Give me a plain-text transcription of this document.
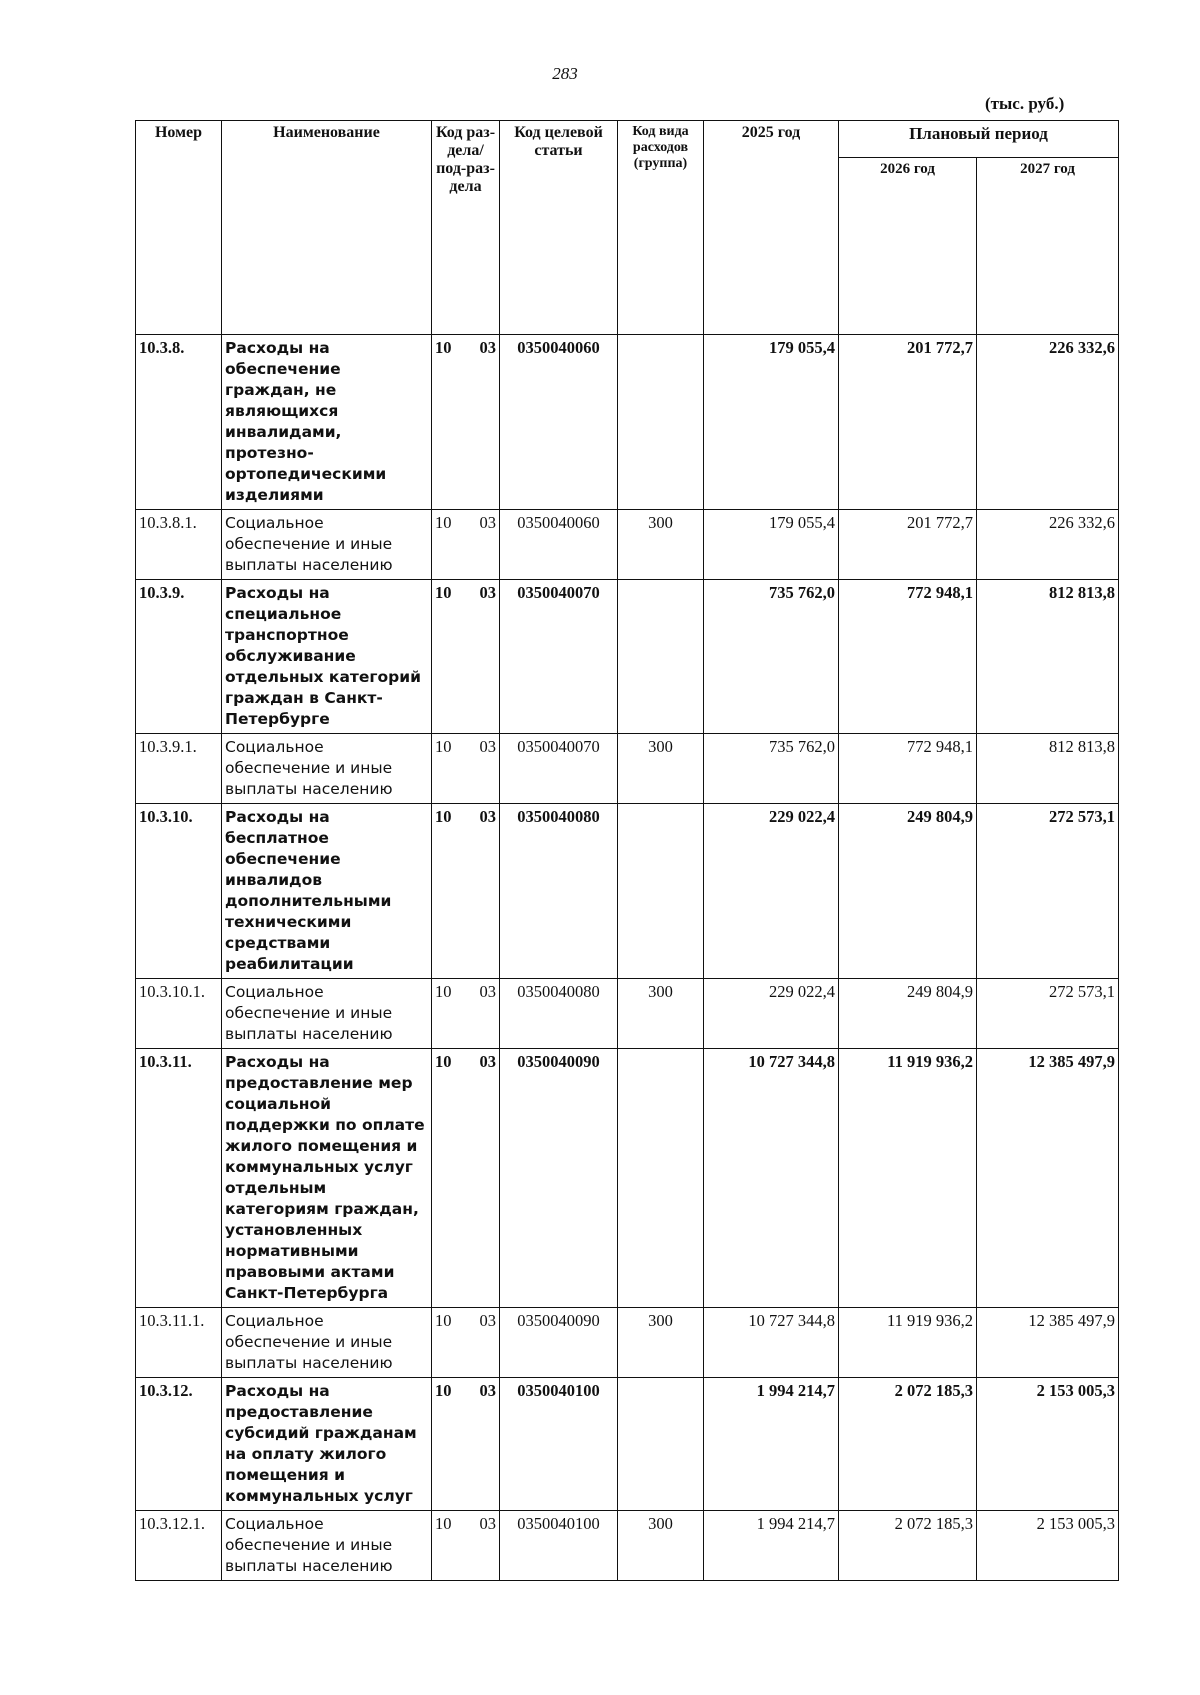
283
(тыс. руб.)
Номер	Наименование	Код раз-дела/ под-раз-дела	Код целевой статьи	Код вида расходов (группа)	2025 год	Плановый период	
						2026 год	2027 год
10.3.8.	Расходы на обеспечение граждан, не являющихся инвалидами, протезно-ортопедическими изделиями	10 03	0350040060		179 055,4	201 772,7	226 332,6
10.3.8.1.	Социальное обеспечение и иные выплаты населению	10 03	0350040060	300	179 055,4	201 772,7	226 332,6
10.3.9.	Расходы на специальное транспортное обслуживание отдельных категорий граждан в Санкт-Петербурге	10 03	0350040070		735 762,0	772 948,1	812 813,8
10.3.9.1.	Социальное обеспечение и иные выплаты населению	10 03	0350040070	300	735 762,0	772 948,1	812 813,8
10.3.10.	Расходы на бесплатное обеспечение инвалидов дополнительными техническими средствами реабилитации	10 03	0350040080		229 022,4	249 804,9	272 573,1
10.3.10.1.	Социальное обеспечение и иные выплаты населению	10 03	0350040080	300	229 022,4	249 804,9	272 573,1
10.3.11.	Расходы на предоставление мер социальной поддержки по оплате жилого помещения и коммунальных услуг отдельным категориям граждан, установленных нормативными правовыми актами Санкт-Петербурга	10 03	0350040090		10 727 344,8	11 919 936,2	12 385 497,9
10.3.11.1.	Социальное обеспечение и иные выплаты населению	10 03	0350040090	300	10 727 344,8	11 919 936,2	12 385 497,9
10.3.12.	Расходы на предоставление субсидий гражданам на оплату жилого помещения и коммунальных услуг	10 03	0350040100		1 994 214,7	2 072 185,3	2 153 005,3
10.3.12.1.	Социальное обеспечение и иные выплаты населению	10 03	0350040100	300	1 994 214,7	2 072 185,3	2 153 005,3
